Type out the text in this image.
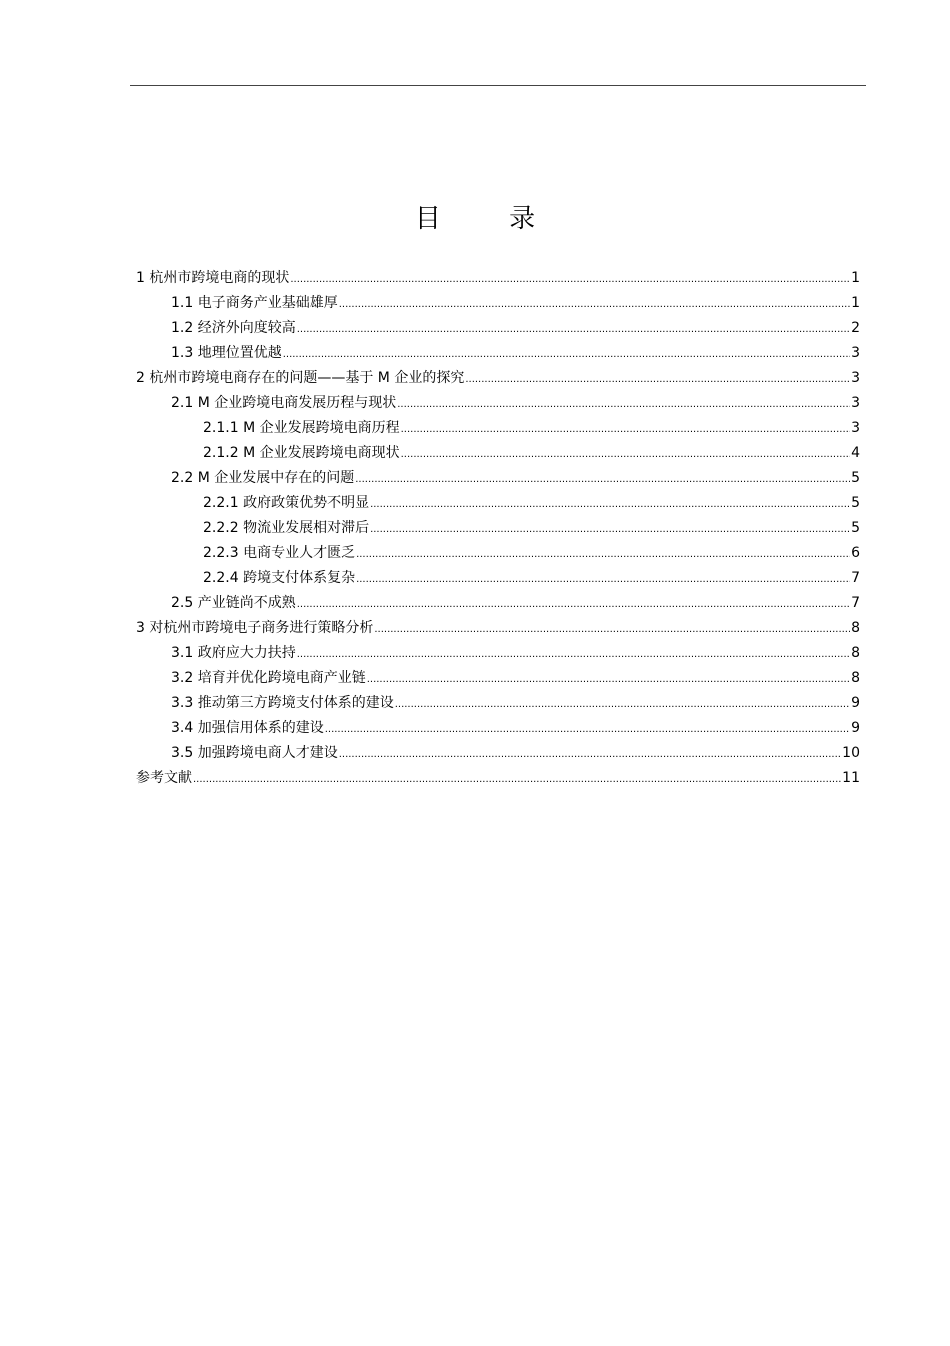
目 录
1 杭州市跨境电商的现状 .....	1
1.1 电子商务产业基础雄厚 .....	1
1.2 经济外向度较高 .....	2
1.3 地理位置优越 .....	3
2 杭州市跨境电商存在的问题——基于 M 企业的探究 .....	3
2.1 M 企业跨境电商发展历程与现状 .....	3
2.1.1 M 企业发展跨境电商历程 .....	3
2.1.2 M 企业发展跨境电商现状 .....	4
2.2 M 企业发展中存在的问题 .....	5
2.2.1 政府政策优势不明显 .....	5
2.2.2 物流业发展相对滞后 .....	5
2.2.3 电商专业人才匮乏 .....	6
2.2.4 跨境支付体系复杂 .....	7
2.5 产业链尚不成熟 .....	7
3 对杭州市跨境电子商务进行策略分析 .....	8
3.1 政府应大力扶持 .....	8
3.2 培育并优化跨境电商产业链 .....	8
3.3 推动第三方跨境支付体系的建设 .....	9
3.4 加强信用体系的建设 .....	9
3.5 加强跨境电商人才建设 .....	10
参考文献 .....	11
